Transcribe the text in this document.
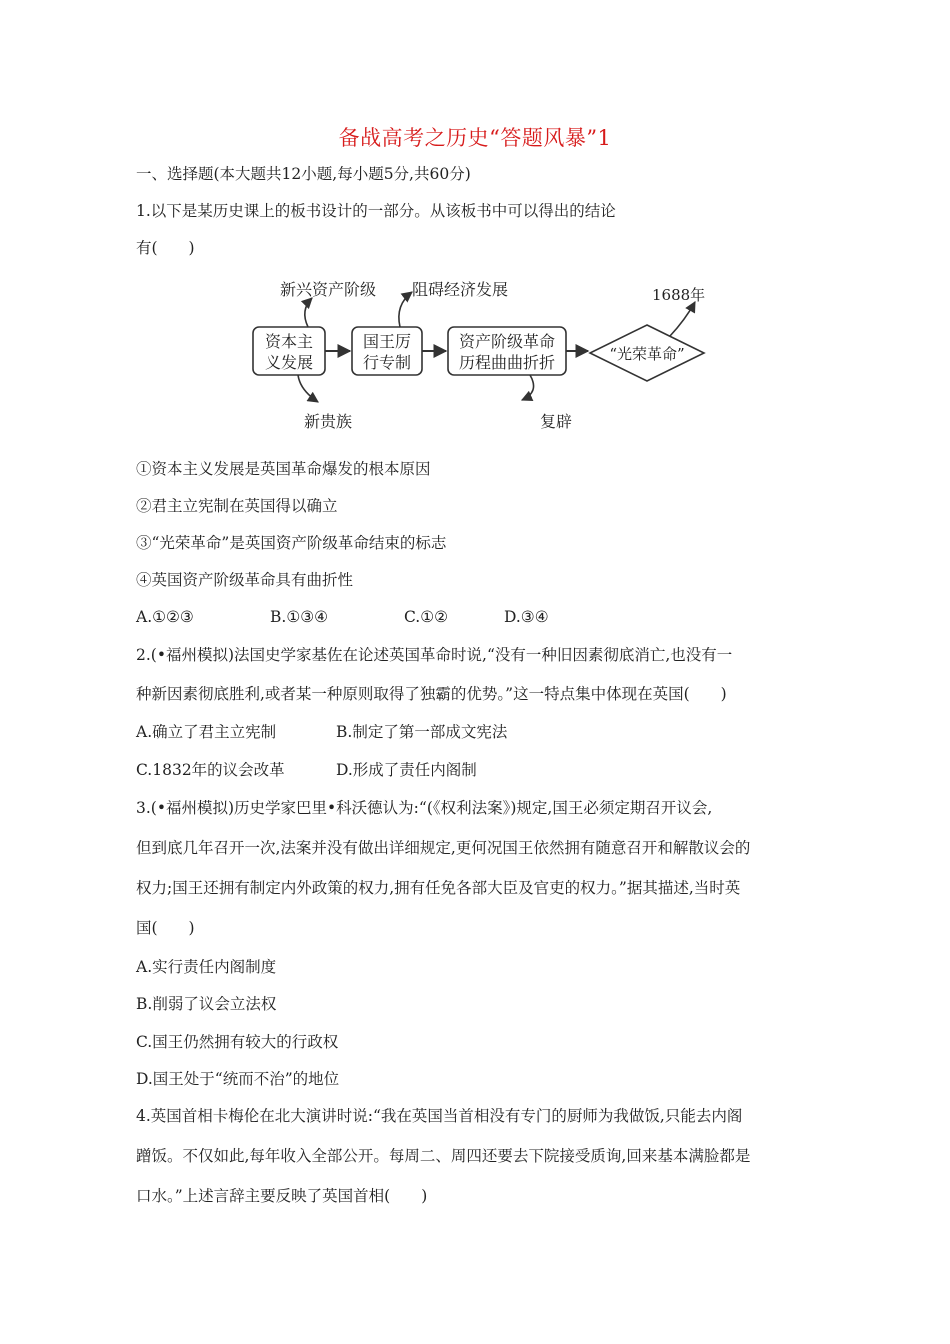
备战高考之历史“答题风暴”1
一、选择题(本大题共12小题,每小题5分,共60分)
1.以下是某历史课上的板书设计的一部分。从该板书中可以得出的结论
有(　　)
资本主
义发展
国王厉
行专制
资产阶级革命
历程曲曲折折	“光荣革命”
新兴资产阶级
新贵族
阻碍经济发展
复辟
1688年
①资本主义发展是英国革命爆发的根本原因
②君主立宪制在英国得以确立
③“光荣革命”是英国资产阶级革命结束的标志
④英国资产阶级革命具有曲折性
A.①②③	B.①③④	C.①②	D.③④
2.(•福州模拟)法国史学家基佐在论述英国革命时说,“没有一种旧因素彻底消亡,也没有一
种新因素彻底胜利,或者某一种原则取得了独霸的优势。”这一特点集中体现在英国(　　)
A.确立了君主立宪制	B.制定了第一部成文宪法
C.1832年的议会改革	D.形成了责任内阁制
3.(•福州模拟)历史学家巴里•科沃德认为:“(《权利法案》)规定,国王必须定期召开议会,
但到底几年召开一次,法案并没有做出详细规定,更何况国王依然拥有随意召开和解散议会的
权力;国王还拥有制定内外政策的权力,拥有任免各部大臣及官吏的权力。”据其描述,当时英
国(　　)
A.实行责任内阁制度
B.削弱了议会立法权
C.国王仍然拥有较大的行政权
D.国王处于“统而不治”的地位
4.英国首相卡梅伦在北大演讲时说:“我在英国当首相没有专门的厨师为我做饭,只能去内阁
蹭饭。不仅如此,每年收入全部公开。每周二、周四还要去下院接受质询,回来基本满脸都是
口水。”上述言辞主要反映了英国首相(　　)
